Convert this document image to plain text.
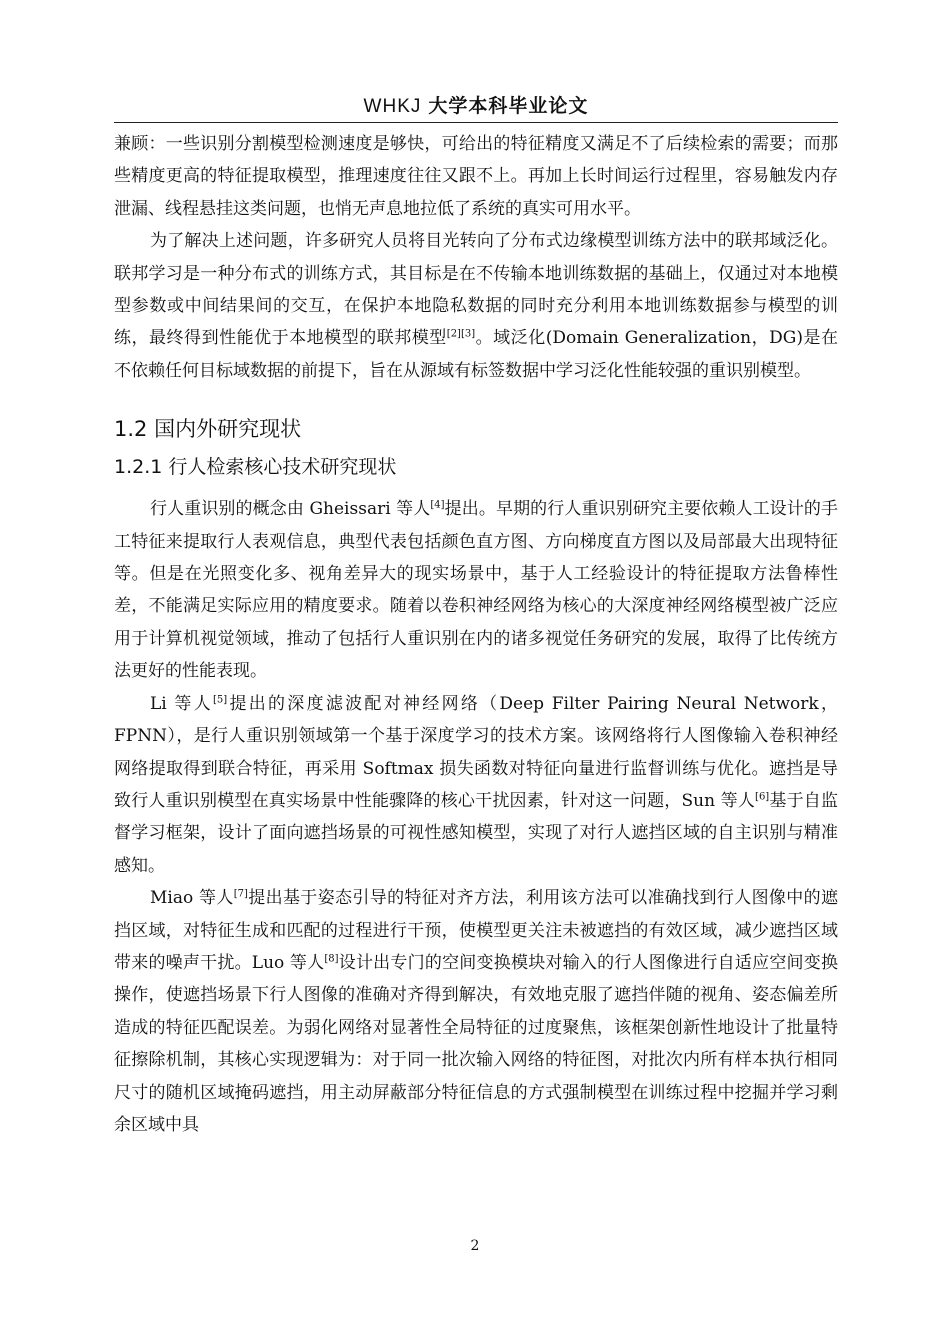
WHKJ 大学本科毕业论文

兼顾：一些识别分割模型检测速度是够快，可给出的特征精度又满足不了后续检索的需要；而那些精度更高的特征提取模型，推理速度往往又跟不上。再加上长时间运行过程里，容易触发内存泄漏、线程悬挂这类问题，也悄无声息地拉低了系统的真实可用水平。

为了解决上述问题，许多研究人员将目光转向了分布式边缘模型训练方法中的联邦域泛化。联邦学习是一种分布式的训练方式，其目标是在不传输本地训练数据的基础上，仅通过对本地模型参数或中间结果间的交互，在保护本地隐私数据的同时充分利用本地训练数据参与模型的训练，最终得到性能优于本地模型的联邦模型[2][3]。域泛化(Domain Generalization，DG)是在不依赖任何目标域数据的前提下，旨在从源域有标签数据中学习泛化性能较强的重识别模型。

1.2 国内外研究现状
1.2.1 行人检索核心技术研究现状

行人重识别的概念由 Gheissari 等人[4]提出。早期的行人重识别研究主要依赖人工设计的手工特征来提取行人表观信息，典型代表包括颜色直方图、方向梯度直方图以及局部最大出现特征等。但是在光照变化多、视角差异大的现实场景中，基于人工经验设计的特征提取方法鲁棒性差，不能满足实际应用的精度要求。随着以卷积神经网络为核心的大深度神经网络模型被广泛应用于计算机视觉领域，推动了包括行人重识别在内的诸多视觉任务研究的发展，取得了比传统方法更好的性能表现。

Li 等人[5]提出的深度滤波配对神经网络（Deep Filter Pairing Neural Network，FPNN），是行人重识别领域第一个基于深度学习的技术方案。该网络将行人图像输入卷积神经网络提取得到联合特征，再采用 Softmax 损失函数对特征向量进行监督训练与优化。遮挡是导致行人重识别模型在真实场景中性能骤降的核心干扰因素，针对这一问题，Sun 等人[6]基于自监督学习框架，设计了面向遮挡场景的可视性感知模型，实现了对行人遮挡区域的自主识别与精准感知。

Miao 等人[7]提出基于姿态引导的特征对齐方法，利用该方法可以准确找到行人图像中的遮挡区域，对特征生成和匹配的过程进行干预，使模型更关注未被遮挡的有效区域，减少遮挡区域带来的噪声干扰。Luo 等人[8]设计出专门的空间变换模块对输入的行人图像进行自适应空间变换操作，使遮挡场景下行人图像的准确对齐得到解决，有效地克服了遮挡伴随的视角、姿态偏差所造成的特征匹配误差。为弱化网络对显著性全局特征的过度聚焦，该框架创新性地设计了批量特征擦除机制，其核心实现逻辑为：对于同一批次输入网络的特征图，对批次内所有样本执行相同尺寸的随机区域掩码遮挡，用主动屏蔽部分特征信息的方式强制模型在训练过程中挖掘并学习剩余区域中具

2
